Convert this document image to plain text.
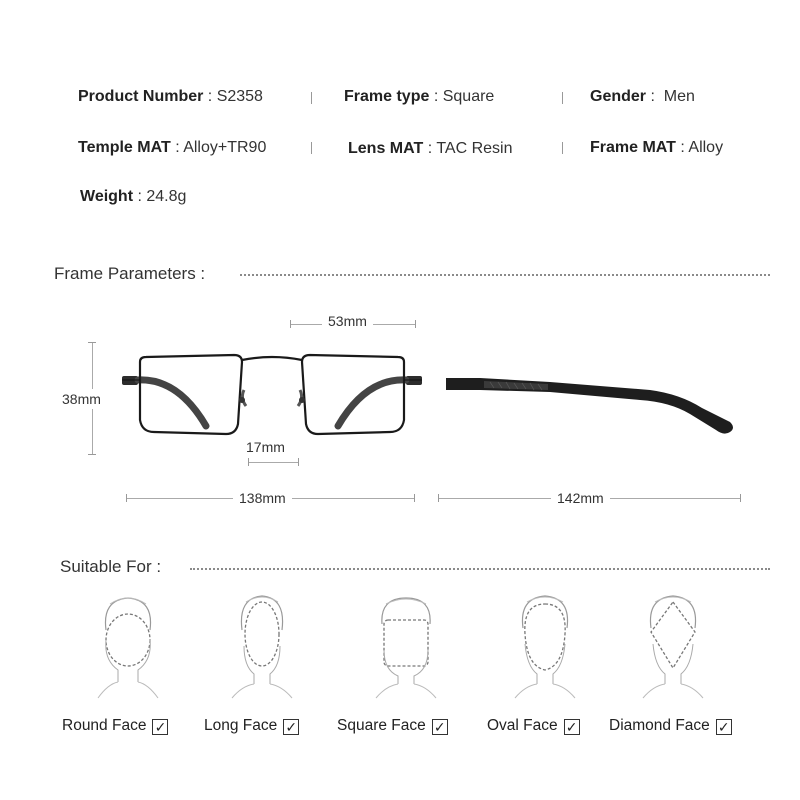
Product Number : S2358	Frame type : Square	Gender :  Men
Temple MAT : Alloy+TR90	Lens MAT : TAC Resin	Frame MAT : Alloy
Weight : 24.8g
Frame Parameters :
53mm
38mm
17mm
138mm	142mm
Suitable For :
Round Face ✓ Long Face ✓	Square Face ✓	Oval Face ✓ Diamond Face ✓
